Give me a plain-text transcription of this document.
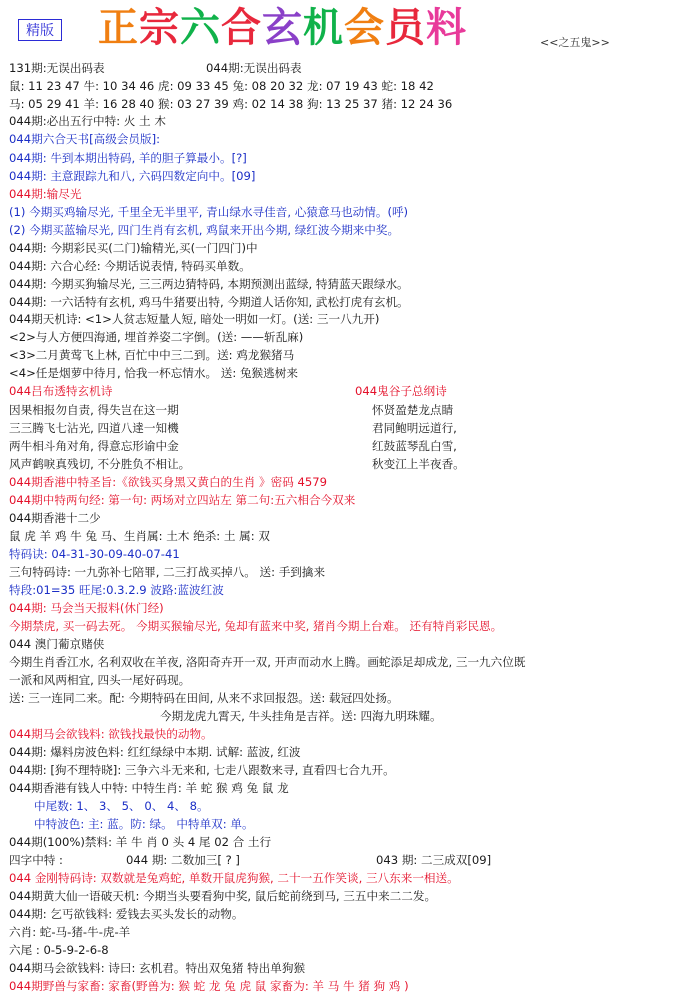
精版 正宗六合玄机会员料	<<之五鬼>>
131期:无误出码表	044期:无误出码表
鼠: 11 23 47 牛: 10 34 46 虎: 09 33 45 兔: 08 20 32 龙: 07 19 43 蛇: 18 42
马: 05 29 41 羊: 16 28 40 猴: 03 27 39 鸡: 02 14 38 狗: 13 25 37 猪: 12 24 36
044期:必出五行中特: 火 土 木
044期六合天书[高级会员版]:
044期: 牛到本期出特码, 羊的胆子算最小。[?]
044期: 主意跟踪九和八, 六码四数定向中。[09]
044期:输尽光
(1) 今期买鸡输尽光, 千里全无半里平, 青山绿水寻佳音, 心猿意马也动情。(呼)
(2) 今期买蓝输尽光, 四门生肖有玄机, 鸡鼠来开出今期, 绿红波今期来中奖。
044期: 今期彩民买(二门)输精光,买(一门四门)中
044期: 六合心经: 今期话说表情, 特码买单数。
044期: 今期买狗输尽光, 三三两边猜特码, 本期预测出蓝绿, 特猜蓝天跟绿水。
044期: 一六话特有玄机, 鸡马牛猪要出特, 今期道人话你知, 武松打虎有玄机。
044期天机诗: <1>人贫志短量人短, 暗处一明如一灯。(送: 三一八九开)
<2>与人方便四海通, 埋首养姿二字倒。(送: ——斩乱麻)
<3>二月黄莺飞上林, 百忙中中三二到。送: 鸡龙猴猪马
<4>任是烟萝中待月, 恰我一杯忘情水。 送: 兔猴逃树来
044吕布透特玄机诗	044鬼谷子总纲诗
因果相报勿自责, 得失岂在这一期	怀贤盈楚龙点睛
三三腾飞七沾光, 四道八達一知機	君同鲍明远道行,
两牛相斗角对角, 得意忘形谕中金	红鼓蓝琴乱白雪,
风声鹤唳真残切, 不分胜负不相让。	秋变江上半夜香。
044期香港中特圣旨:《欲钱买身黑又黄白的生肖 》密码 4579
044期中特两句经: 第一句: 两场对立四站左 第二句:五六相合今双来
044期香港十二少
鼠 虎 羊 鸡 牛 兔 马、生肖属: 土木 绝杀: 土 属: 双
特码诀: 04-31-30-09-40-07-41
三句特码诗: 一九弥补七陪罪, 二三打战买掉八。 送: 手到擒来
特段:01=35 旺尾:0.3.2.9 波路:蓝波红波
044期: 马会当天报料(休门经)
今期禁虎, 买一码去死。 今期买猴输尽光, 兔却有蓝来中奖, 猪肖今期上台难。 还有特肖彩民恩。
044 澳门葡京赌侠
今期生肖香江水, 名利双收在羊夜, 洛阳奇卉开一双, 开声而动水上腾。画蛇添足却成龙, 三一九六位既
一派和风两相宜, 四头一尾好码现。
送: 三一连同二来。配: 今期特码在田间, 从来不求回报怨。送: 载冠四处扬。
今期龙虎九霄天, 牛头挂角是吉祥。送: 四海九明珠耀。
044期马会欲钱料: 欲钱找最快的动物。
044期: 爆料房波色料: 红红绿绿中本期. 试解: 蓝波, 红波
044期: [狗不理特晓]: 三争六斗无来和, 七走八跟数来寻, 直看四七合九开。
044期香港有钱人中特: 中特生肖: 羊 蛇 猴 鸡 兔 鼠 龙
中尾数: 1、 3、 5、 0、 4、 8。
中特波色: 主: 蓝。防: 绿。 中特单双: 单。
044期(100%)禁料: 羊 牛 肖 0 头 4 尾 02 合 土行
四字中特 :	044 期: 二数加三[ ? ]	043 期: 二三成双[09]
044 金刚特码诗: 双数就是兔鸡蛇, 单数开鼠虎狗猴, 二十一五作笑谈, 三八东来一相送。
044期黄大仙一语破天机: 今期当头要看狗中奖, 鼠后蛇前绕到马, 三五中来二二发。
044期: 乞丐欲钱料: 爱钱去买头发长的动物。
六肖: 蛇-马-猪-牛-虎-羊
六尾 : 0-5-9-2-6-8
044期马会欲钱料: 诗曰: 玄机君。特出双兔猪 特出单狗猴
044期野兽与家畜: 家畜(野兽为: 猴 蛇 龙 兔 虎 鼠 家畜为: 羊 马 牛 猪 狗 鸡 )
